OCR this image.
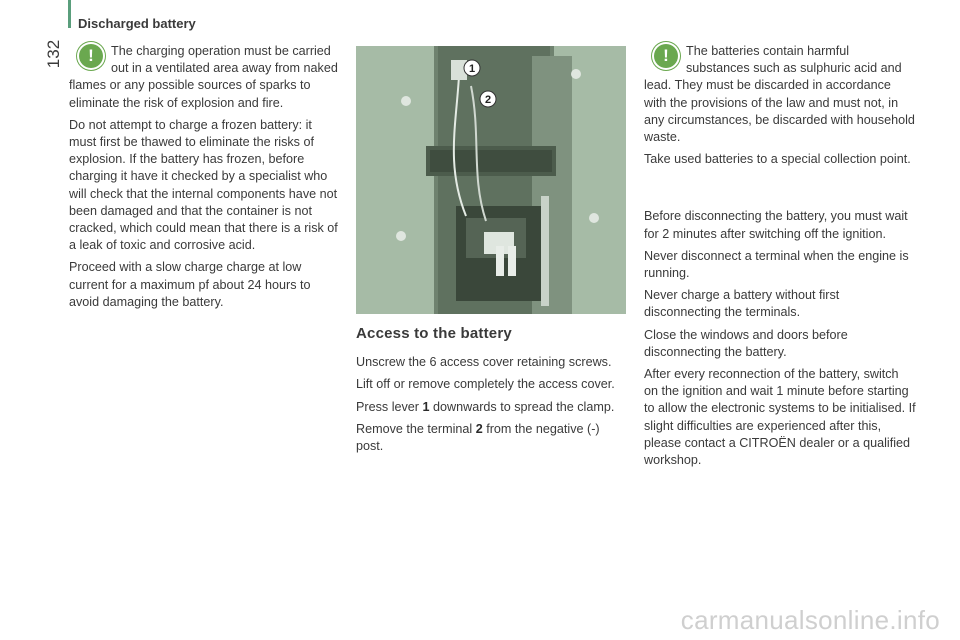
Discharged battery
132	!	The charging operation must be carried out in a ventilated area away from naked flames or any possible sources of sparks to eliminate the risk of explosion and fire.

Do not attempt to charge a frozen battery: it must first be thawed to eliminate the risks of explosion. If the battery has frozen, before charging it have it checked by a specialist who will check that the internal components have not been damaged and that the container is not cracked, which could mean that there is a risk of a leak of toxic and corrosive acid.

Proceed with a slow charge charge at low current for a maximum pf about 24 hours to avoid damaging the battery.

1
2
Access to the battery

Unscrew the 6 access cover retaining screws.

Lift off or remove completely the access cover.

Press lever 1 downwards to spread the clamp.

Remove the terminal 2 from the negative (-) post.

!	The batteries contain harmful substances such as sulphuric acid and lead. They must be discarded in accordance with the provisions of the law and must not, in any circumstances, be discarded with household waste.

Take used batteries to a special collection point.

Before disconnecting the battery, you must wait for 2 minutes after switching off the ignition.

Never disconnect a terminal when the engine is running.

Never charge a battery without first disconnecting the terminals.

Close the windows and doors before disconnecting the battery.

After every reconnection of the battery, switch on the ignition and wait 1 minute before starting to allow the electronic systems to be initialised. If slight difficulties are experienced after this, please contact a CITROËN dealer or a qualified workshop.

carmanualsonline.info
